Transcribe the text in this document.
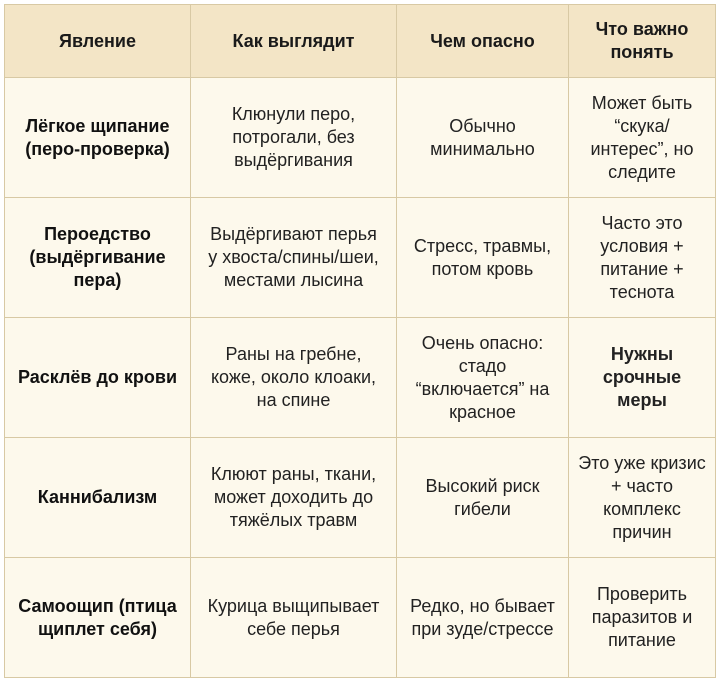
Явление	Как выглядит	Чем опасно	Что важно
понять

Лёгкое щипание
(перо-проверка)	Клюнули перо,
потрогали, без
выдёргивания	Обычно
минимально	Может быть
“скука/
интерес”, но
следите

Пероедство
(выдёргивание
пера)	Выдёргивают перья
у хвоста/спины/шеи,
местами лысина	Стресс, травмы,
потом кровь	Часто это
условия +
питание +
теснота

Расклёв до крови	Раны на гребне,
коже, около клоаки,
на спине	Очень опасно:
стадо
“включается” на
красное	Нужны
срочные
меры

Каннибализм	Клюют раны, ткани,
может доходить до
тяжёлых травм	Высокий риск
гибели	Это уже кризис
+ часто
комплекс
причин

Самоощип (птица
щиплет себя)	Курица выщипывает
себе перья	Редко, но бывает
при зуде/стрессе	Проверить
паразитов и
питание
